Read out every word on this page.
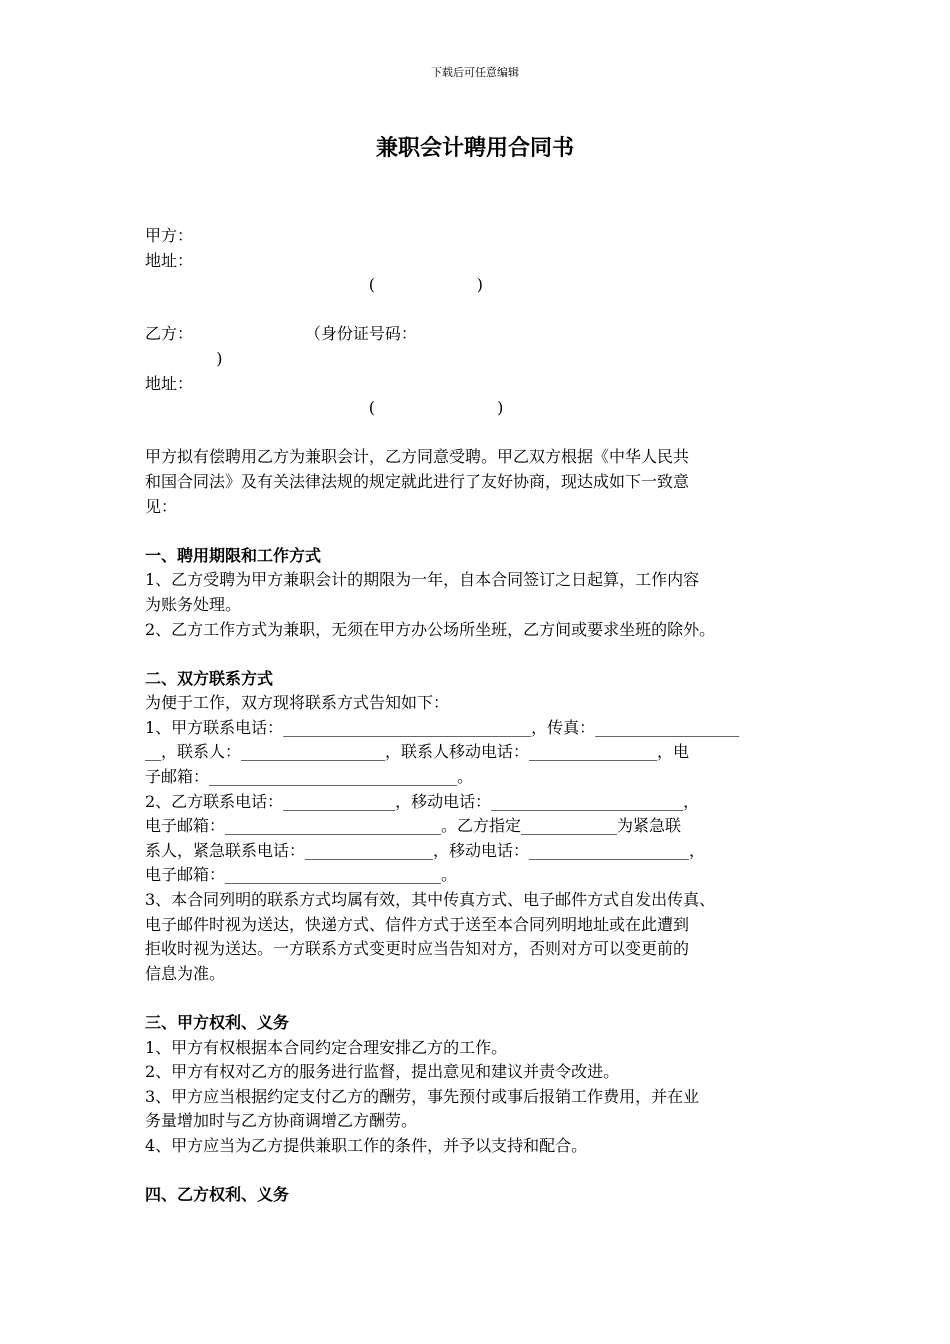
下载后可任意编辑
兼职会计聘用合同书
甲方：
地址：
(                    )
乙方：                      （身份证号码：
)
地址：
(                        )
甲方拟有偿聘用乙方为兼职会计，乙方同意受聘。甲乙双方根据《中华人民共
和国合同法》及有关法律法规的规定就此进行了友好协商，现达成如下一致意
见：
一、聘用期限和工作方式
1、乙方受聘为甲方兼职会计的期限为一年，自本合同签订之日起算，工作内容
为账务处理。
2、乙方工作方式为兼职，无须在甲方办公场所坐班，乙方间或要求坐班的除外。
二、双方联系方式
为便于工作，双方现将联系方式告知如下：
1、甲方联系电话：_______________________________，传真：__________________
__，联系人：__________________，联系人移动电话：________________，电
子邮箱：_______________________________。
2、乙方联系电话：______________，移动电话：________________________，
电子邮箱：___________________________。乙方指定____________为紧急联
系人，紧急联系电话：________________，移动电话：____________________，
电子邮箱：___________________________。
3、本合同列明的联系方式均属有效，其中传真方式、电子邮件方式自发出传真、
电子邮件时视为送达，快递方式、信件方式于送至本合同列明地址或在此遭到
拒收时视为送达。一方联系方式变更时应当告知对方，否则对方可以变更前的
信息为准。
三、甲方权利、义务
1、甲方有权根据本合同约定合理安排乙方的工作。
2、甲方有权对乙方的服务进行监督，提出意见和建议并责令改进。
3、甲方应当根据约定支付乙方的酬劳，事先预付或事后报销工作费用，并在业
务量增加时与乙方协商调增乙方酬劳。
4、甲方应当为乙方提供兼职工作的条件，并予以支持和配合。
四、乙方权利、义务
